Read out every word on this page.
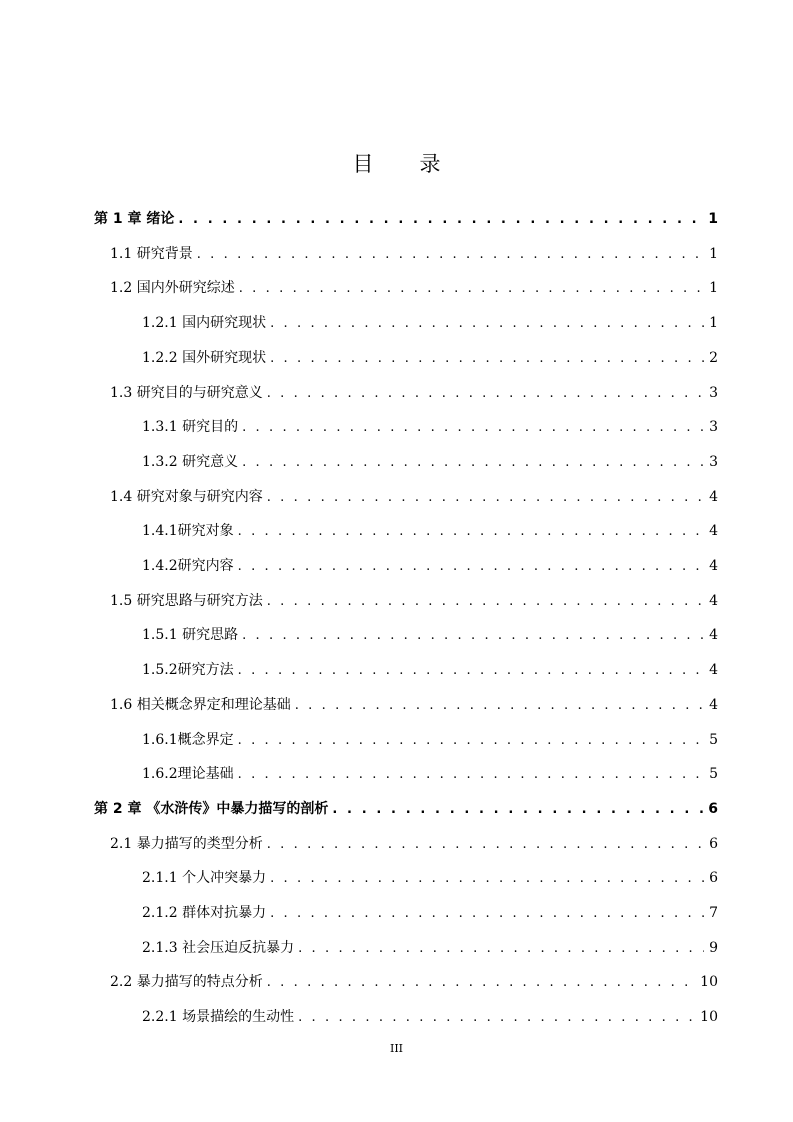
目 录
第 1 章 绪论 . . .	1
1.1 研究背景 . . .	1
1.2 国内外研究综述 . . .	1
1.2.1 国内研究现状 . . .	1
1.2.2 国外研究现状 . . .	2
1.3 研究目的与研究意义 . . .	3
1.3.1 研究目的 . . .	3
1.3.2 研究意义 . . .	3
1.4 研究对象与研究内容 . . .	4
1.4.1研究对象 . . .	4
1.4.2研究内容 . . .	4
1.5 研究思路与研究方法 . . .	4
1.5.1 研究思路 . . .	4
1.5.2研究方法 . . .	4
1.6 相关概念界定和理论基础 . . .	4
1.6.1概念界定 . . .	5
1.6.2理论基础 . . .	5
第 2 章 《水浒传》中暴力描写的剖析 . . .	6
2.1 暴力描写的类型分析 . . .	6
2.1.1 个人冲突暴力 . . .	6
2.1.2 群体对抗暴力 . . .	7
2.1.3 社会压迫反抗暴力 . . .	9
2.2 暴力描写的特点分析 . . .	10
2.2.1 场景描绘的生动性 . . .	10
III
